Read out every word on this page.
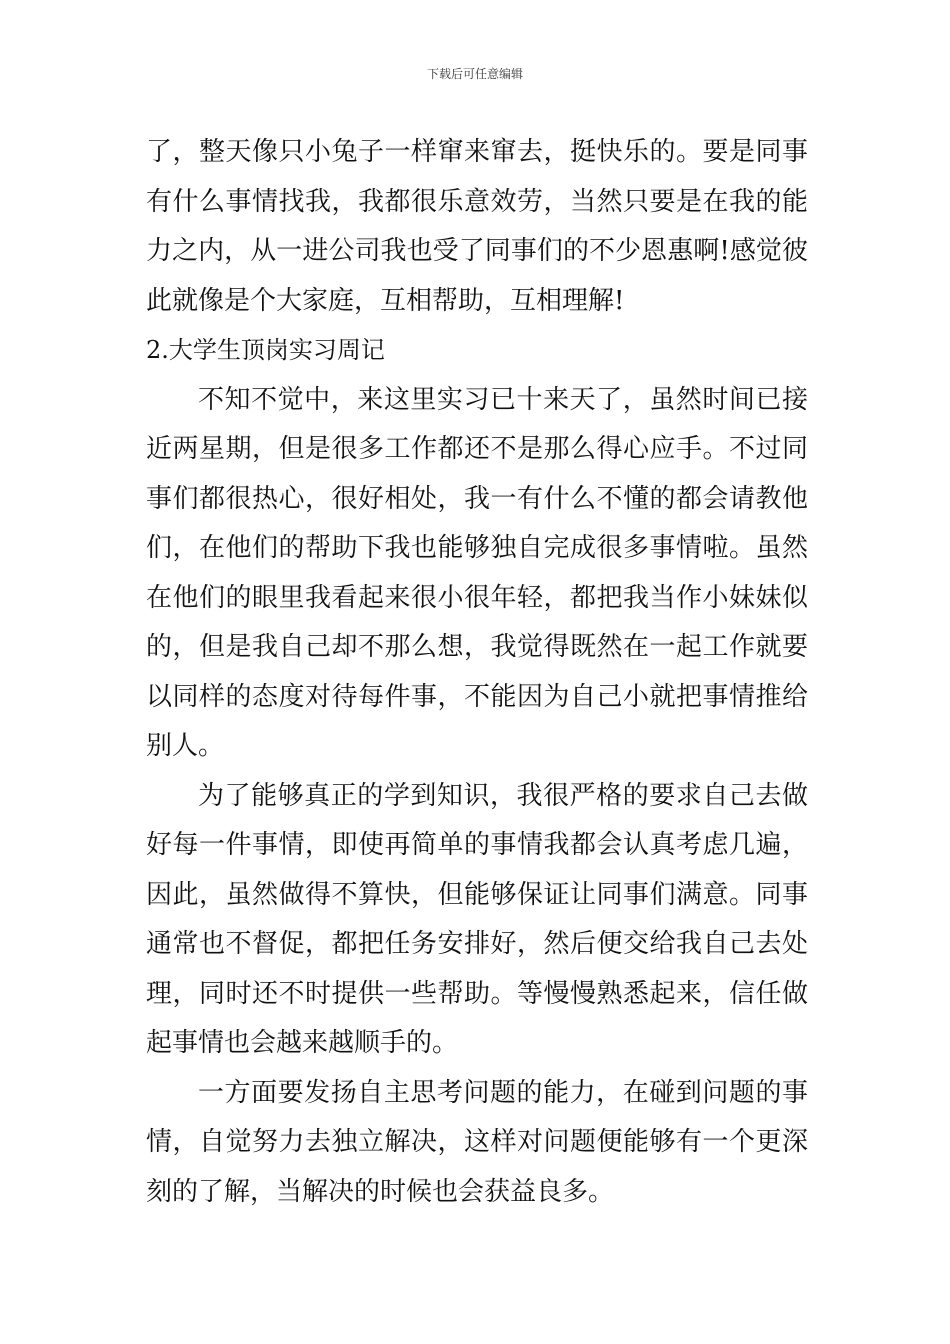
下载后可任意编辑

了，整天像只小兔子一样窜来窜去，挺快乐的。要是同事有什么事情找我，我都很乐意效劳，当然只要是在我的能力之内，从一进公司我也受了同事们的不少恩惠啊!感觉彼此就像是个大家庭，互相帮助，互相理解!

2.大学生顶岗实习周记

不知不觉中，来这里实习已十来天了，虽然时间已接近两星期，但是很多工作都还不是那么得心应手。不过同事们都很热心，很好相处，我一有什么不懂的都会请教他们，在他们的帮助下我也能够独自完成很多事情啦。虽然在他们的眼里我看起来很小很年轻，都把我当作小妹妹似的，但是我自己却不那么想，我觉得既然在一起工作就要以同样的态度对待每件事，不能因为自己小就把事情推给别人。

为了能够真正的学到知识，我很严格的要求自己去做好每一件事情，即使再简单的事情我都会认真考虑几遍，因此，虽然做得不算快，但能够保证让同事们满意。同事通常也不督促，都把任务安排好，然后便交给我自己去处理，同时还不时提供一些帮助。等慢慢熟悉起来，信任做起事情也会越来越顺手的。

一方面要发扬自主思考问题的能力，在碰到问题的事情，自觉努力去独立解决，这样对问题便能够有一个更深刻的了解，当解决的时候也会获益良多。
